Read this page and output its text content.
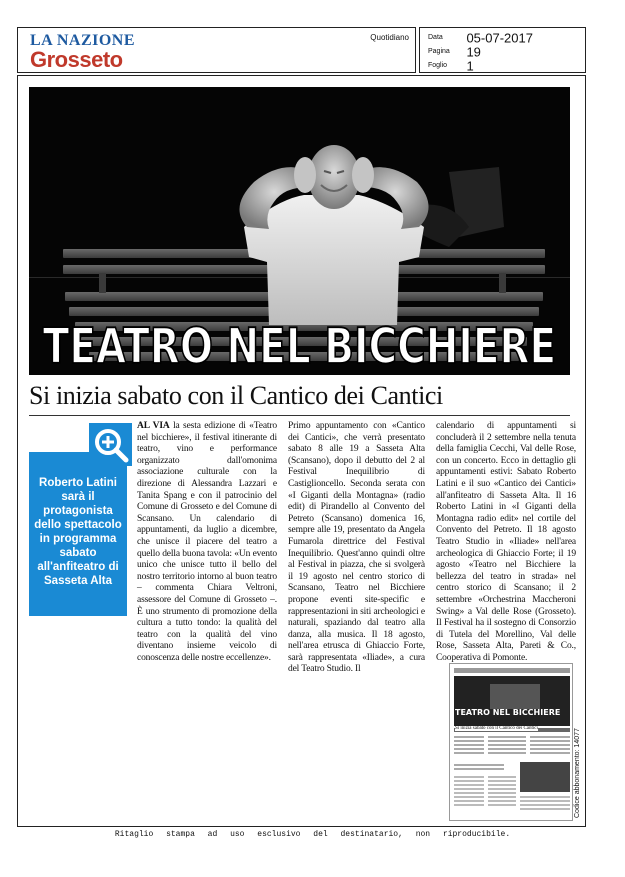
LA NAZIONE
Grosseto
Quotidiano	Data 05-07-2017
Pagina 19
Foglio 1
TEATRO NEL BICCHIERE
Si inizia sabato con il Cantico dei Cantici
Roberto Latini sarà il protagonista dello spettacolo in programma sabato all'anfiteatro di Sasseta Alta
AL VIA la sesta edizione di «Teatro nel bicchiere», il festival itinerante di teatro, vino e performance organizzato dall'omonima associazione culturale con la direzione di Alessandra Lazzari e Tanita Spang e con il patrocinio del Comune di Grosseto e del Comune di Scansano. Un calendario di appuntamenti, da luglio a dicembre, che unisce il piacere del teatro a quello della buona tavola: «Un evento unico che unisce tutto il bello del nostro territorio intorno al buon teatro – commenta Chiara Veltroni, assessore del Comune di Grosseto –. È uno strumento di promozione della cultura a tutto tondo: la qualità del teatro con la qualità del vino diventano insieme veicolo di conoscenza delle nostre eccellenze».
Primo appuntamento con «Cantico dei Cantici», che verrà presentato sabato 8 alle 19 a Sasseta Alta (Scansano), dopo il debutto del 2 al Festival Inequilibrio di Castiglioncello. Seconda serata con «I Giganti della Montagna» (radio edit) di Pirandello al Convento del Petreto (Scansano) domenica 16, sempre alle 19, presentato da Angela Fumarola direttrice del Festival Inequilibrio. Quest'anno quindi oltre al Festival in piazza, che si svolgerà il 19 agosto nel centro storico di Scansano, Teatro nel Bicchiere propone eventi site-specific e rappresentazioni in siti archeologici e naturali, spaziando dal teatro alla danza, alla musica. Il 18 agosto, nell'area etrusca di Ghiaccio Forte, sarà rappresentata «Iliade», a cura del Teatro Studio. Il
calendario di appuntamenti si concluderà il 2 settembre nella tenuta della famiglia Cecchi, Val delle Rose, con un concerto. Ecco in dettaglio gli appuntamenti estivi: Sabato Roberto Latini e il suo «Cantico dei Cantici» all'anfiteatro di Sasseta Alta. Il 16 Roberto Latini in «I Giganti della Montagna radio edit» nel cortile del Convento del Petreto. Il 18 agosto Teatro Studio in «Iliade» nell'area archeologica di Ghiaccio Forte; il 19 agosto «Teatro nel Bicchiere la bellezza del teatro in strada» nel centro storico di Scansano; il 2 settembre «Orchestrina Maccheroni Swing» a Val delle Rose (Grosseto). Il Festival ha il sostegno di Consorzio di Tutela del Morellino, Val delle Rose, Sasseta Alta, Pareti & Co., Cooperativa di Pomonte.
TEATRO NEL BICCHIERE
Si inizia sabato con il Cantico dei Cantici	Codice abbonamento: 14077
Ritaglio stampa ad uso esclusivo del destinatario, non riproducibile.
